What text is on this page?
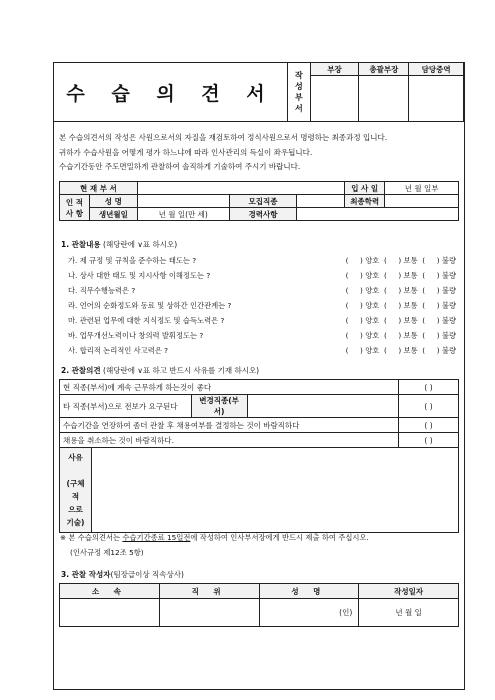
수 습 의 견 서
작
성
부
서	부장	총괄부장	담당중역

본 수습의견서의 작성은 사원으로서의 자질을 재검토하여 정식사원으로서 명령하는 최종과정 입니다.
귀하가 수습사원을 어떻게 평가 하느냐에 따라 인사관리의 득실이 좌우됩니다.
수습기간동안 주도면밀하게 관찰하여 솔직하게 기술하여 주시기 바랍니다.
현 재 부 서					입 사 일	년 월 일부

인 적
사 항	성 명		모집직종		최종학력	
	생년월일	년 월 일(만 세)	경력사항			
1. 관찰내용 (해당란에 ∨표 하시오)
가. 제 규정 및 규칙을 준수하는 태도는 ?	(     ) 양호  (     ) 보통  (     ) 불량
나. 상사 대한 태도 및 지시사항 이해정도는 ?	(     ) 양호  (     ) 보통  (     ) 불량
다. 직무수행능력은 ?	(     ) 양호  (     ) 보통  (     ) 불량
라. 언어의 순화정도와 동료 및 상하간 인간관계는 ?	(     ) 양호  (     ) 보통  (     ) 불량
마. 관련된 업무에 대한 지식정도 및 습득노력은 ?	(     ) 양호  (     ) 보통  (     ) 불량
바. 업무개선노력이나 창의력 발휘정도는 ?	(     ) 양호  (     ) 보통  (     ) 불량
사. 합리적 논리적인 사고력은 ?	(     ) 양호  (     ) 보통  (     ) 불량
2. 관찰의견 (해당란에 ∨표 하고 반드시 사유를 기재 하시오)
현 직종(부서)에 계속 근무하게 하는것이 좋다				( )
타 직종(부서)으로 전보가 요구된다		변경직종(부서)		( )
수습기간을 연장하여 좀더 관찰 후 채용여부를 결정하는 것이 바람직하다				( )
채용을 취소하는 것이 바람직하다.				( )

사유

(구체적
으로
기술)				

※ 본 수습의견서는 수습기간종료 15일전에 작성하여 인사부서장에게 반드시 제출 하여 주십시오.
(인사규정 제12조 5항)
3. 관찰 작성자(팀장급이상 직속상사)
소 속	직 위	성 명	작성일자
		(인)	년 월 일
